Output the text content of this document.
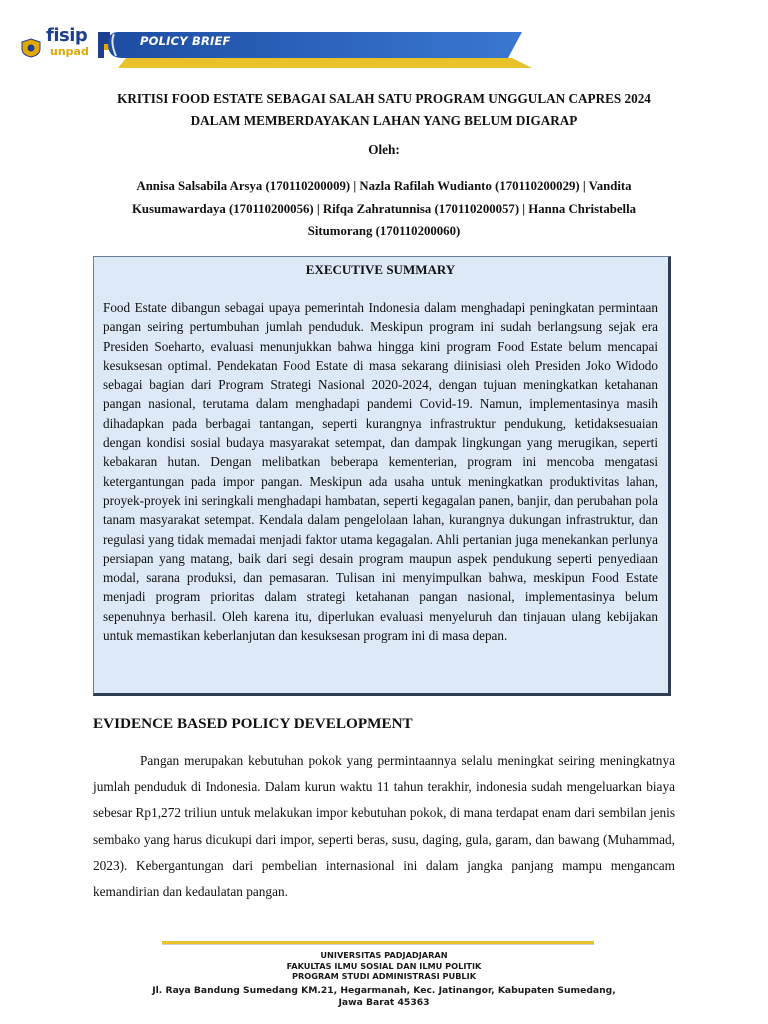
fisip
unpad
POLICY BRIEF
KRITISI FOOD ESTATE SEBAGAI SALAH SATU PROGRAM UNGGULAN CAPRES 2024
DALAM MEMBERDAYAKAN LAHAN YANG BELUM DIGARAP
Oleh:
Annisa Salsabila Arsya (170110200009) | Nazla Rafilah Wudianto (170110200029) | Vandita
Kusumawardaya (170110200056) | Rifqa Zahratunnisa (170110200057) | Hanna Christabella
Situmorang (170110200060)
EXECUTIVE SUMMARY

Food Estate dibangun sebagai upaya pemerintah Indonesia dalam menghadapi peningkatan permintaan pangan seiring pertumbuhan jumlah penduduk. Meskipun program ini sudah berlangsung sejak era Presiden Soeharto, evaluasi menunjukkan bahwa hingga kini program Food Estate belum mencapai kesuksesan optimal. Pendekatan Food Estate di masa sekarang diinisiasi oleh Presiden Joko Widodo sebagai bagian dari Program Strategi Nasional 2020-2024, dengan tujuan meningkatkan ketahanan pangan nasional, terutama dalam menghadapi pandemi Covid-19. Namun, implementasinya masih dihadapkan pada berbagai tantangan, seperti kurangnya infrastruktur pendukung, ketidaksesuaian dengan kondisi sosial budaya masyarakat setempat, dan dampak lingkungan yang merugikan, seperti kebakaran hutan. Dengan melibatkan beberapa kementerian, program ini mencoba mengatasi ketergantungan pada impor pangan. Meskipun ada usaha untuk meningkatkan produktivitas lahan, proyek-proyek ini seringkali menghadapi hambatan, seperti kegagalan panen, banjir, dan perubahan pola tanam masyarakat setempat. Kendala dalam pengelolaan lahan, kurangnya dukungan infrastruktur, dan regulasi yang tidak memadai menjadi faktor utama kegagalan. Ahli pertanian juga menekankan perlunya persiapan yang matang, baik dari segi desain program maupun aspek pendukung seperti penyediaan modal, sarana produksi, dan pemasaran. Tulisan ini menyimpulkan bahwa, meskipun Food Estate menjadi program prioritas dalam strategi ketahanan pangan nasional, implementasinya belum sepenuhnya berhasil. Oleh karena itu, diperlukan evaluasi menyeluruh dan tinjauan ulang kebijakan untuk memastikan keberlanjutan dan kesuksesan program ini di masa depan.

EVIDENCE BASED POLICY DEVELOPMENT

Pangan merupakan kebutuhan pokok yang permintaannya selalu meningkat seiring meningkatnya jumlah penduduk di Indonesia. Dalam kurun waktu 11 tahun terakhir, indonesia sudah mengeluarkan biaya sebesar Rp1,272 triliun untuk melakukan impor kebutuhan pokok, di mana terdapat enam dari sembilan jenis sembako yang harus dicukupi dari impor, seperti beras, susu, daging, gula, garam, dan bawang (Muhammad, 2023). Kebergantungan dari pembelian internasional ini dalam jangka panjang mampu mengancam kemandirian dan kedaulatan pangan.

UNIVERSITAS PADJADJARAN
FAKULTAS ILMU SOSIAL DAN ILMU POLITIK
PROGRAM STUDI ADMINISTRASI PUBLIK
Jl. Raya Bandung Sumedang KM.21, Hegarmanah, Kec. Jatinangor, Kabupaten Sumedang,
Jawa Barat 45363
